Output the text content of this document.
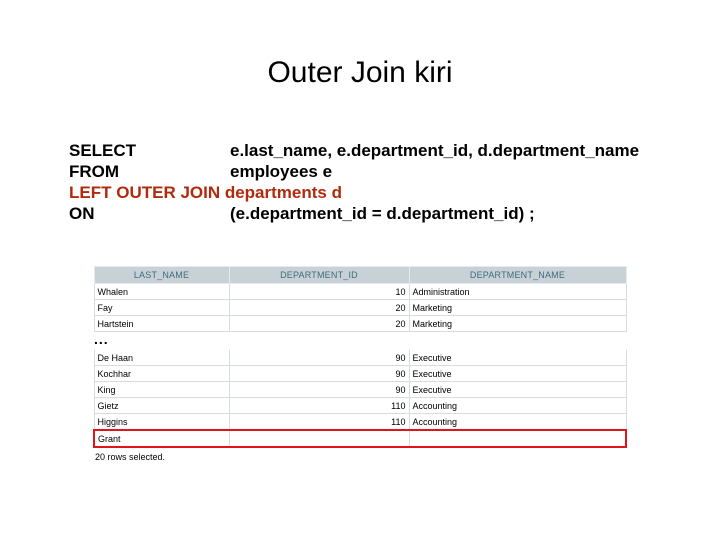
Outer Join kiri
SELECT	e.last_name, e.department_id, d.department_name
FROM	employees e
LEFT OUTER JOIN departments d
ON	(e.department_id = d.department_id) ;
LAST_NAME	DEPARTMENT_ID	DEPARTMENT_NAME
Whalen	10	Administration
Fay	20	Marketing
Hartstein	20	Marketing

...		

De Haan	90	Executive
Kochhar	90	Executive
King	90	Executive
Gietz	110	Accounting
Higgins	110	Accounting
Grant		
20 rows selected.
